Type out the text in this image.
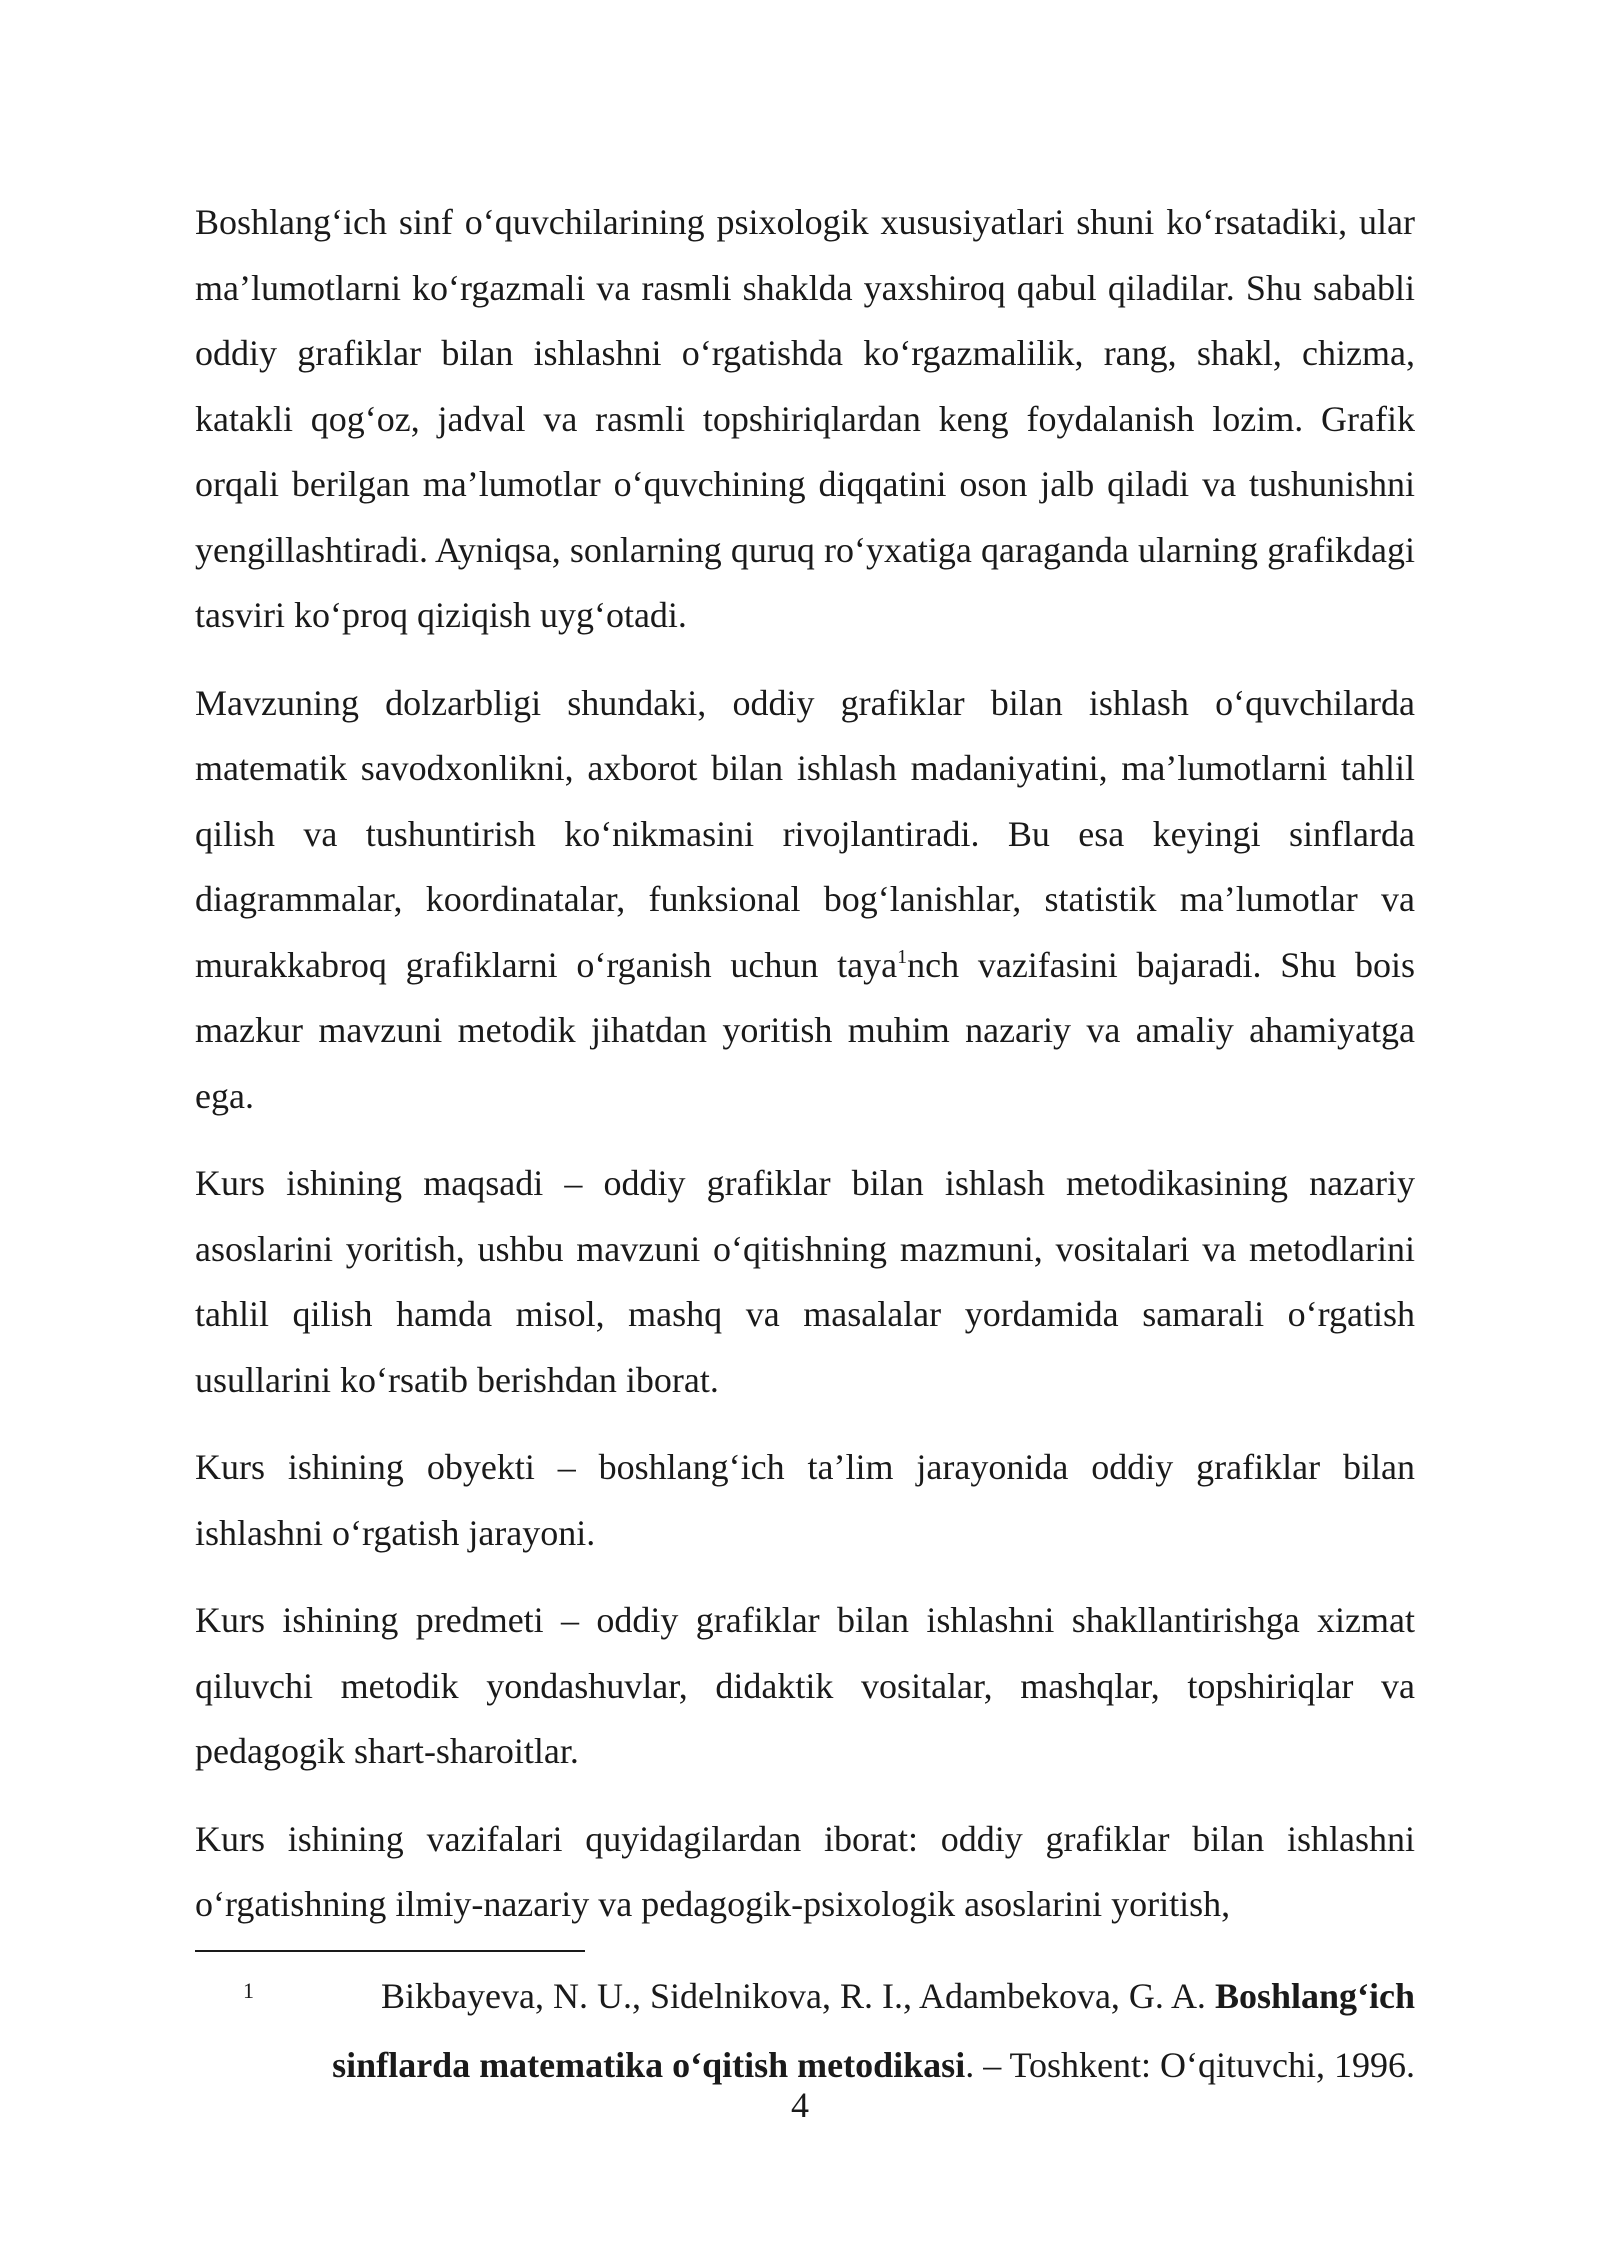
Boshlang‘ich sinf o‘quvchilarining psixologik xususiyatlari shuni ko‘rsatadiki, ular ma’lumotlarni ko‘rgazmali va rasmli shaklda yaxshiroq qabul qiladilar. Shu sababli oddiy grafiklar bilan ishlashni o‘rgatishda ko‘rgazmalilik, rang, shakl, chizma, katakli qog‘oz, jadval va rasmli topshiriqlardan keng foydalanish lozim. Grafik orqali berilgan ma’lumotlar o‘quvchining diqqatini oson jalb qiladi va tushunishni yengillashtiradi. Ayniqsa, sonlarning quruq ro‘yxatiga qaraganda ularning grafikdagi tasviri ko‘proq qiziqish uyg‘otadi.

Mavzuning dolzarbligi shundaki, oddiy grafiklar bilan ishlash o‘quvchilarda matematik savodxonlikni, axborot bilan ishlash madaniyatini, ma’lumotlarni tahlil qilish va tushuntirish ko‘nikmasini rivojlantiradi. Bu esa keyingi sinflarda diagrammalar, koordinatalar, funksional bog‘lanishlar, statistik ma’lumotlar va murakkabroq grafiklarni o‘rganish uchun taya$^1$nch vazifasini bajaradi. Shu bois mazkur mavzuni metodik jihatdan yoritish muhim nazariy va amaliy ahamiyatga ega.

Kurs ishining maqsadi – oddiy grafiklar bilan ishlash metodikasining nazariy asoslarini yoritish, ushbu mavzuni o‘qitishning mazmuni, vositalari va metodlarini tahlil qilish hamda misol, mashq va masalalar yordamida samarali o‘rgatish usullarini ko‘rsatib berishdan iborat.

Kurs ishining obyekti – boshlang‘ich ta’lim jarayonida oddiy grafiklar bilan ishlashni o‘rgatish jarayoni.

Kurs ishining predmeti – oddiy grafiklar bilan ishlashni shakllantirishga xizmat qiluvchi metodik yondashuvlar, didaktik vositalar, mashqlar, topshiriqlar va pedagogik shart-sharoitlar.

Kurs ishining vazifalari quyidagilardan iborat: oddiy grafiklar bilan ishlashni o‘rgatishning ilmiy-nazariy va pedagogik-psixologik asoslarini yoritish,

1	Bikbayeva, N. U., Sidelnikova, R. I., Adambekova, G. A. Boshlang‘ich
sinflarda matematika o‘qitish metodikasi. – Toshkent: O‘qituvchi, 1996.
4
